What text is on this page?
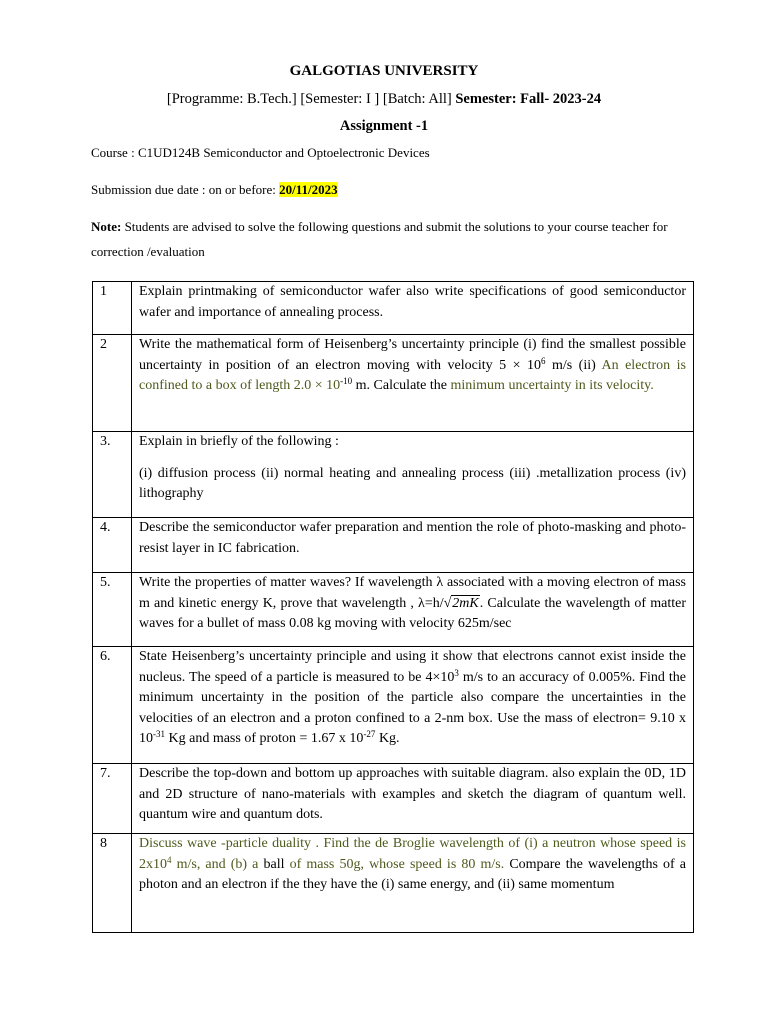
GALGOTIAS UNIVERSITY
[Programme: B.Tech.] [Semester: I ] [Batch: All] Semester: Fall- 2023-24
Assignment -1
Course : C1UD124B Semiconductor and Optoelectronic Devices
Submission due date : on or before: 20/11/2023
Note: Students are advised to solve the following questions and submit the solutions to your course teacher for correction /evaluation
1	Explain printmaking of semiconductor wafer also write specifications of good semiconductor wafer and importance of annealing process.
2	Write the mathematical form of Heisenberg’s uncertainty principle (i) find the smallest possible uncertainty in position of an electron moving with velocity $5 \times 10^6$ m/s (ii) An electron is confined to a box of length $2.0 \times 10^{-10}$ m. Calculate the minimum uncertainty in its velocity.
3.	Explain in briefly of the following :
(i) diffusion process (ii) normal heating and annealing process (iii) .metallization process (iv) lithography

4.	Describe the semiconductor wafer preparation and mention the role of photo-masking and photo-resist layer in IC fabrication.
5.	Write the properties of matter waves? If wavelength λ associated with a moving electron of mass m and kinetic energy K, prove that wavelength , λ=h/√2mK. Calculate the wavelength of matter waves for a bullet of mass 0.08 kg moving with velocity 625m/sec
6.	State Heisenberg’s uncertainty principle and using it show that electrons cannot exist inside the nucleus. The speed of a particle is measured to be $4\times 10^3$ m/s to an accuracy of 0.005%. Find the minimum uncertainty in the position of the particle also compare the uncertainties in the velocities of an electron and a proton confined to a 2-nm box. Use the mass of electron= 9.10 x $10^{-31}$ Kg and mass of proton = 1.67 x $10^{-27}$ Kg.
7.	Describe the top-down and bottom up approaches with suitable diagram. also explain the 0D, 1D and 2D structure of nano-materials with examples and sketch the diagram of quantum well. quantum wire and quantum dots.
8	Discuss wave -particle duality . Find the de Broglie wavelength of (i) a neutron whose speed is $2x10^4$ m/s, and (b) a ball of mass 50g, whose speed is 80 m/s. Compare the wavelengths of a photon and an electron if the they have the (i) same energy, and (ii) same momentum
